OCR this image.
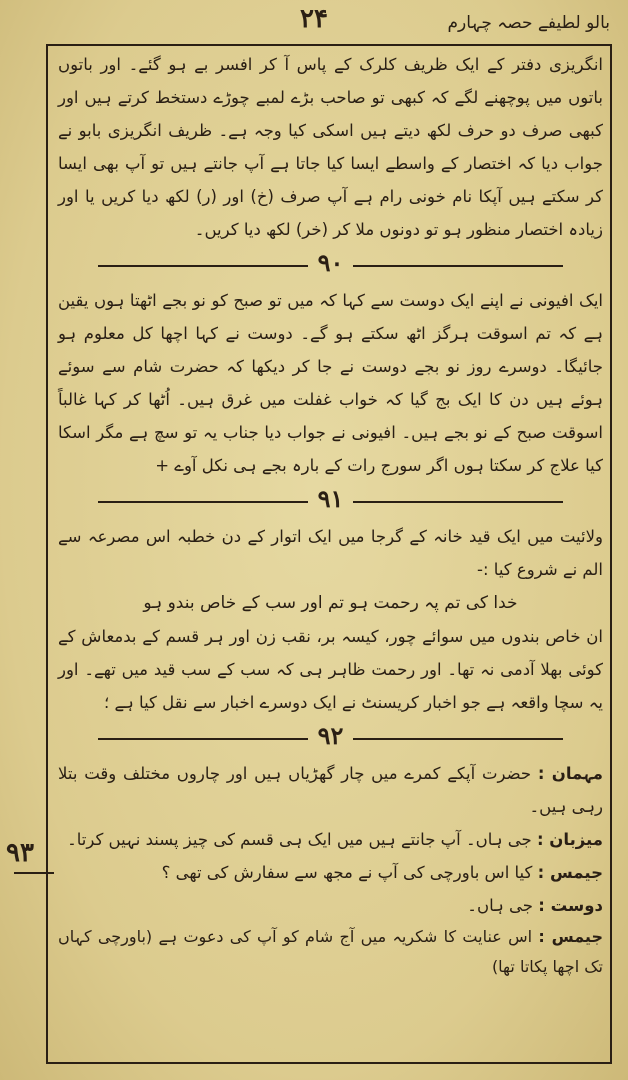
۲۴	بالو لطیفے حصہ چہارم
۹۳

انگریزی دفتر کے ایک ظریف کلرک کے پاس آ کر افسر بے ہو گئے۔ اور باتوں باتوں میں پوچھنے لگے کہ کبھی تو صاحب بڑے لمبے چوڑے دستخط کرتے ہیں اور کبھی صرف دو حرف لکھ دیتے ہیں اسکی کیا وجہ ہے۔ ظریف انگریزی بابو نے جواب دیا کہ اختصار کے واسطے ایسا کیا جاتا ہے آپ جانتے ہیں تو آپ بھی ایسا کر سکتے ہیں آپکا نام خونی رام ہے آپ صرف (خ) اور (ر) لکھ دیا کریں یا اور زیادہ اختصار منظور ہو تو دونوں ملا کر (خر) لکھ دیا کریں۔

۹۰

ایک افیونی نے اپنے ایک دوست سے کہا کہ میں تو صبح کو نو بجے اٹھتا ہوں یقین ہے کہ تم اسوقت ہرگز اٹھ سکتے ہو گے۔ دوست نے کہا اچھا کل معلوم ہو جائیگا۔ دوسرے روز نو بجے دوست نے جا کر دیکھا کہ حضرت شام سے سوئے ہوئے ہیں دن کا ایک بج گیا کہ خواب غفلت میں غرق ہیں۔ اُٹھا کر کہا غالباً اسوقت صبح کے نو بجے ہیں۔ افیونی نے جواب دیا جناب یہ تو سچ ہے مگر اسکا کیا علاج کر سکتا ہوں اگر سورج رات کے بارہ بجے ہی نکل آوے +

۹۱

ولائیت میں ایک قید خانہ کے گرجا میں ایک اتوار کے دن خطبہ اس مصرعہ سے الم نے شروع کیا :-

خدا کی تم پہ رحمت ہو تم اور سب کے خاص بندو ہو

ان خاص بندوں میں سوائے چور، کیسہ بر، نقب زن اور ہر قسم کے بدمعاش کے کوئی بھلا آدمی نہ تھا۔ اور رحمت ظاہر ہی کہ سب کے سب قید میں تھے۔ اور یہ سچا واقعہ ہے جو اخبار کریسنٹ نے ایک دوسرے اخبار سے نقل کیا ہے ؛

۹۲

مہمان : حضرت آپکے کمرے میں چار گھڑیاں ہیں اور چاروں مختلف وقت بتلا رہی ہیں۔

میزبان : جی ہاں۔ آپ جانتے ہیں میں ایک ہی قسم کی چیز پسند نہیں کرتا۔

جیمس : کیا اس باورچی کی آپ نے مجھ سے سفارش کی تھی ؟

دوست : جی ہاں۔

جیمس : اس عنایت کا شکریہ میں آج شام کو آپ کی دعوت ہے (باورچی کہاں تک اچھا پکاتا تھا)
